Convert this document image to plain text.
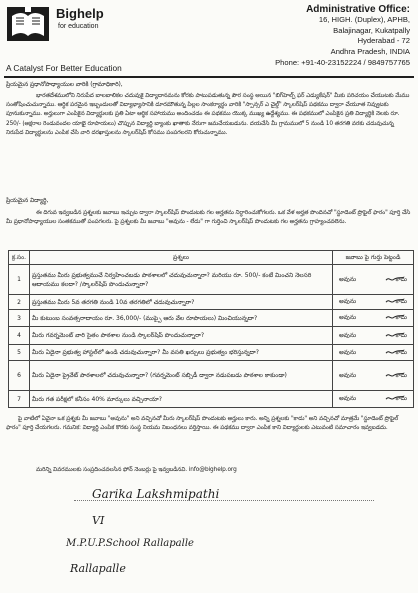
Bighelp
for education
A Catalyst For Better Education
Administrative Office:
16, HIGH. (Duplex), APHB,
Balajinagar, Kukatpally
Hyderabad - 72
Andhra Pradesh, INDIA
Phone: +91-40-23152224 / 9849757765
ప్రియమైన ప్రధానోపాధ్యాయుల వారికి (గ్రామాధికారి),
భారతదేశములోని నిరుపేద బాలబాలికల చదువుకై విద్యాదానమను కోరకు పాటుపడుతున్న పౌర సంస్థ అయిన "బిగ్‌హెల్ప్ ఫర్ ఎడ్యుకేషన్" మీకు పరిచయం చేయుటకు మేము సంతోషించుచున్నాము. ఆర్థిక పరమైన ఇబ్బందులతో విద్యాభ్యాసానికి దూరమౌతున్న పిల్లల సాంకర్యార్థం వారికి "స్పాన్సర్ ఎ చైల్డ్" స్కాలర్‌షిప్ పథకము ద్వారా చేయూత నివ్వుటకు పూనుకున్నాము. అర్హులుగా ఎంపికైన విద్యార్థులకు ప్రతి ఏటా ఆర్థిక సహాయము అందించడం ఈ పథకము యొక్క ముఖ్య ఉద్దేశ్యము. ఈ పథకములో ఎంపికైన ప్రతి విద్యార్థికి నెలకు రూ. 250/- (అక్షరాల రెండువందల యాభై రూపాయలు) చొప్పున విద్యార్థి బ్యాంకు ఖాతాకు నేరుగా జమచేయబడును. దయచేసి మీ గ్రామములో 5 నుండి 10 తరగతి వరకు చదువుచున్న నిరుపేద విద్యార్థులను ఎంపిక చేసి వారి దరఖాస్తులను స్కాలర్‌షిప్ కోసము పంపగలరని కోరుచున్నాము.
ప్రియమైన విద్యార్థి,
ఈ దిగువ ఇవ్వబడిన ప్రశ్నలకు జవాబు ఇచ్చుట ద్వారా స్కాలర్‌షిప్ పొందుటకు గల అర్హతను నిర్ధారించుకోగలరు. ఒక వేళ అర్హత పొందినచో "స్టూడెంట్ ప్రొఫైల్ ఫారం" పూర్తి చేసి మీ ప్రధానోపాధ్యాయుల సంతకముతో పంపగలరు. పై ప్రశ్నలకు మీ జవాబు "అవును - లేదు" గా గుర్తించి స్కాలర్‌షిప్ పొందుటకు గల అర్హతను గ్రాహ్యంచవలెను.
క్ర.సం.	ప్రశ్నలు	జవాబు పై గుర్తు పెట్టండి
1	ప్రస్తుతము మీరు ప్రభుత్వముచే నిర్వహించబడు పాఠశాలలో చదువుచున్నారా? మరియు రూ. 500/- కంటే మించని నెలసరి ఆదాయము కలదా? /స్కాలర్‌షిప్ పొందుచున్నారా?	అవును కాదు

2	ప్రస్తుతము మీరు 5వ తరగతి నుండి 10వ తరగతిలో చదువుచున్నారా?	అవును కాదు

3	మీ కుటుంబ సంవత్సరాదాయం రూ. 36,000/- (ముప్పై ఆరు వేల రూపాయలు) మించియున్నదా?	అవును కాదు

4	మీరు గవర్నమెంట్ వారి సైతం పాఠశాల నుండి స్కాలర్‌షిప్ పొందుచున్నారా?	అవును కాదు

5	మీరు ఏదైనా ప్రభుత్వ హాస్టల్‌లో ఉండి చదువుచున్నారా? మీ వసతి ఖర్చులు ప్రభుత్వం భరిస్తున్నదా?	అవును కాదు

6	మీరు ఏదైనా ప్రైవేట్ పాఠశాలలో చదువుచున్నారా? (గవర్నమెంట్ సబ్సిడీ ద్వారా నడుపబడు పాఠశాల కాకుండా)	అవును కాదు

7	మీరు గత పరీక్షలో కనీసం 40% మార్కులు వచ్చినాయా?	అవును కాదు
పై వాటిలో ఏవైనా ఒక ప్రశ్నకు మీ జవాబు "అవును" అని వచ్చినచో మీరు స్కాలర్‌షిప్ పొందుటకు అర్హులు కారు. అన్ని ప్రశ్నలకు "కాదు" అని వచ్చినచో మాత్రమే "స్టూడెంట్ ప్రొఫైల్ ఫారం" పూర్తి చేయగలరు. గమనిక: విద్యార్థి ఎంపిక కొరకు సంస్థ నియమ నిబంధనలు వర్తిస్తాయి. ఈ పథకము ద్వారా ఎంపిక కాని విద్యార్థులకు ఎటువంటి సమాచారం ఇవ్వబడదు.
మరిన్ని వివరములకు సంప్రదించవలసిన ఫోన్ నెంబర్లు పై ఇవ్వబడినవి. info@bighelp.org
Garika Lakshmipathi
VI
M.P.U.P.School Rallapalle
Rallapalle
